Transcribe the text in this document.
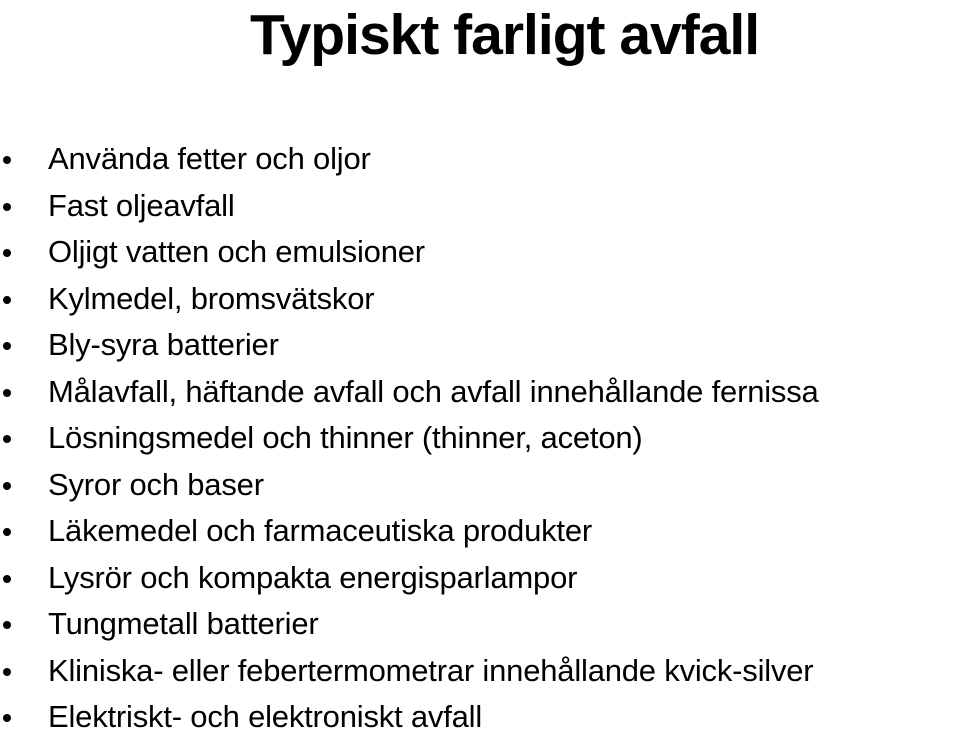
Typiskt farligt avfall
Använda fetter och oljor
Fast oljeavfall
Oljigt vatten och emulsioner
Kylmedel, bromsvätskor
Bly-syra batterier
Målavfall, häftande avfall och avfall innehållande fernissa
Lösningsmedel och thinner (thinner, aceton)
Syror och baser
Läkemedel och farmaceutiska produkter
Lysrör och kompakta energisparlampor
Tungmetall batterier
Kliniska- eller febertermometrar innehållande kvick-silver
Elektriskt- och elektroniskt avfall
